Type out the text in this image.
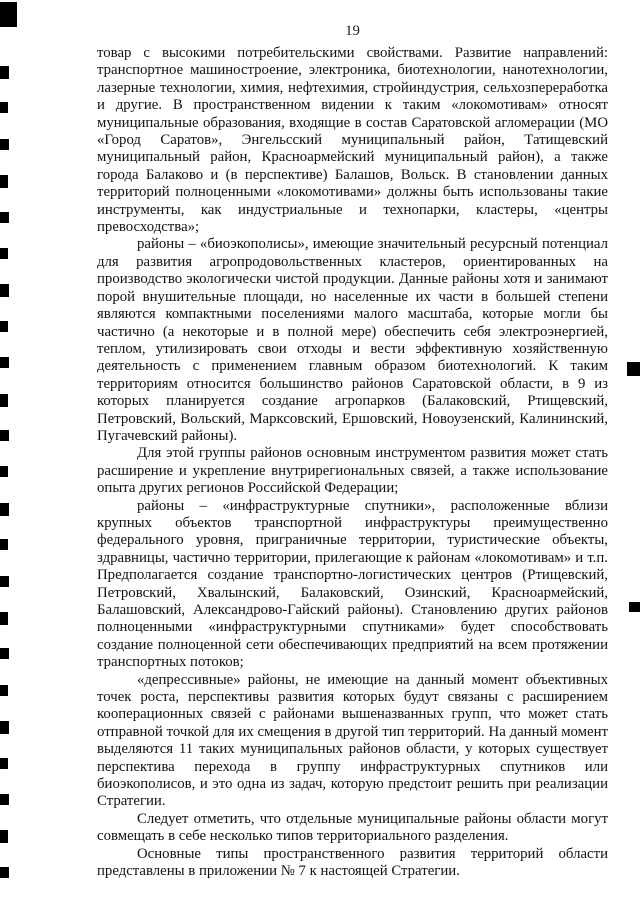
19

товар с высокими потребительскими свойствами. Развитие направлений: транспортное машиностроение, электроника, биотехнологии, нанотехнологии, лазерные технологии, химия, нефтехимия, стройиндустрия, сельхозпереработка и другие. В пространственном видении к таким «локомотивам» относят муниципальные образования, входящие в состав Саратовской агломерации (МО «Город Саратов», Энгельсский муниципальный район, Татищевский муниципальный район, Красноармейский муниципальный район), а также города Балаково и (в перспективе) Балашов, Вольск. В становлении данных территорий полноценными «локомотивами» должны быть использованы такие инструменты, как индустриальные и технопарки, кластеры, «центры превосходства»;

районы – «биоэкополисы», имеющие значительный ресурсный потенциал для развития агропродовольственных кластеров, ориентированных на производство экологически чистой продукции. Данные районы хотя и занимают порой внушительные площади, но населенные их части в большей степени являются компактными поселениями малого масштаба, которые могли бы частично (а некоторые и в полной мере) обеспечить себя электроэнергией, теплом, утилизировать свои отходы и вести эффективную хозяйственную деятельность с применением главным образом биотехнологий. К таким территориям относится большинство районов Саратовской области, в 9 из которых планируется создание агропарков (Балаковский, Ртищевский, Петровский, Вольский, Марксовский, Ершовский, Новоузенский, Калининский, Пугачевский районы).

Для этой группы районов основным инструментом развития может стать расширение и укрепление внутрирегиональных связей, а также использование опыта других регионов Российской Федерации;

районы – «инфраструктурные спутники», расположенные вблизи крупных объектов транспортной инфраструктуры преимущественно федерального уровня, приграничные территории, туристические объекты, здравницы, частично территории, прилегающие к районам «локомотивам» и т.п. Предполагается создание транспортно-логистических центров (Ртищевский, Петровский, Хвалынский, Балаковский, Озинский, Красноармейский, Балашовский, Александрово-Гайский районы). Становлению других районов полноценными «инфраструктурными спутниками» будет способствовать создание полноценной сети обеспечивающих предприятий на всем протяжении транспортных потоков;

«депрессивные» районы, не имеющие на данный момент объективных точек роста, перспективы развития которых будут связаны с расширением кооперационных связей с районами вышеназванных групп, что может стать отправной точкой для их смещения в другой тип территорий. На данный момент выделяются 11 таких муниципальных районов области, у которых существует перспектива перехода в группу инфраструктурных спутников или биоэкополисов, и это одна из задач, которую предстоит решить при реализации Стратегии.

Следует отметить, что отдельные муниципальные районы области могут совмещать в себе несколько типов территориального разделения.

Основные типы пространственного развития территорий области представлены в приложении № 7 к настоящей Стратегии.
